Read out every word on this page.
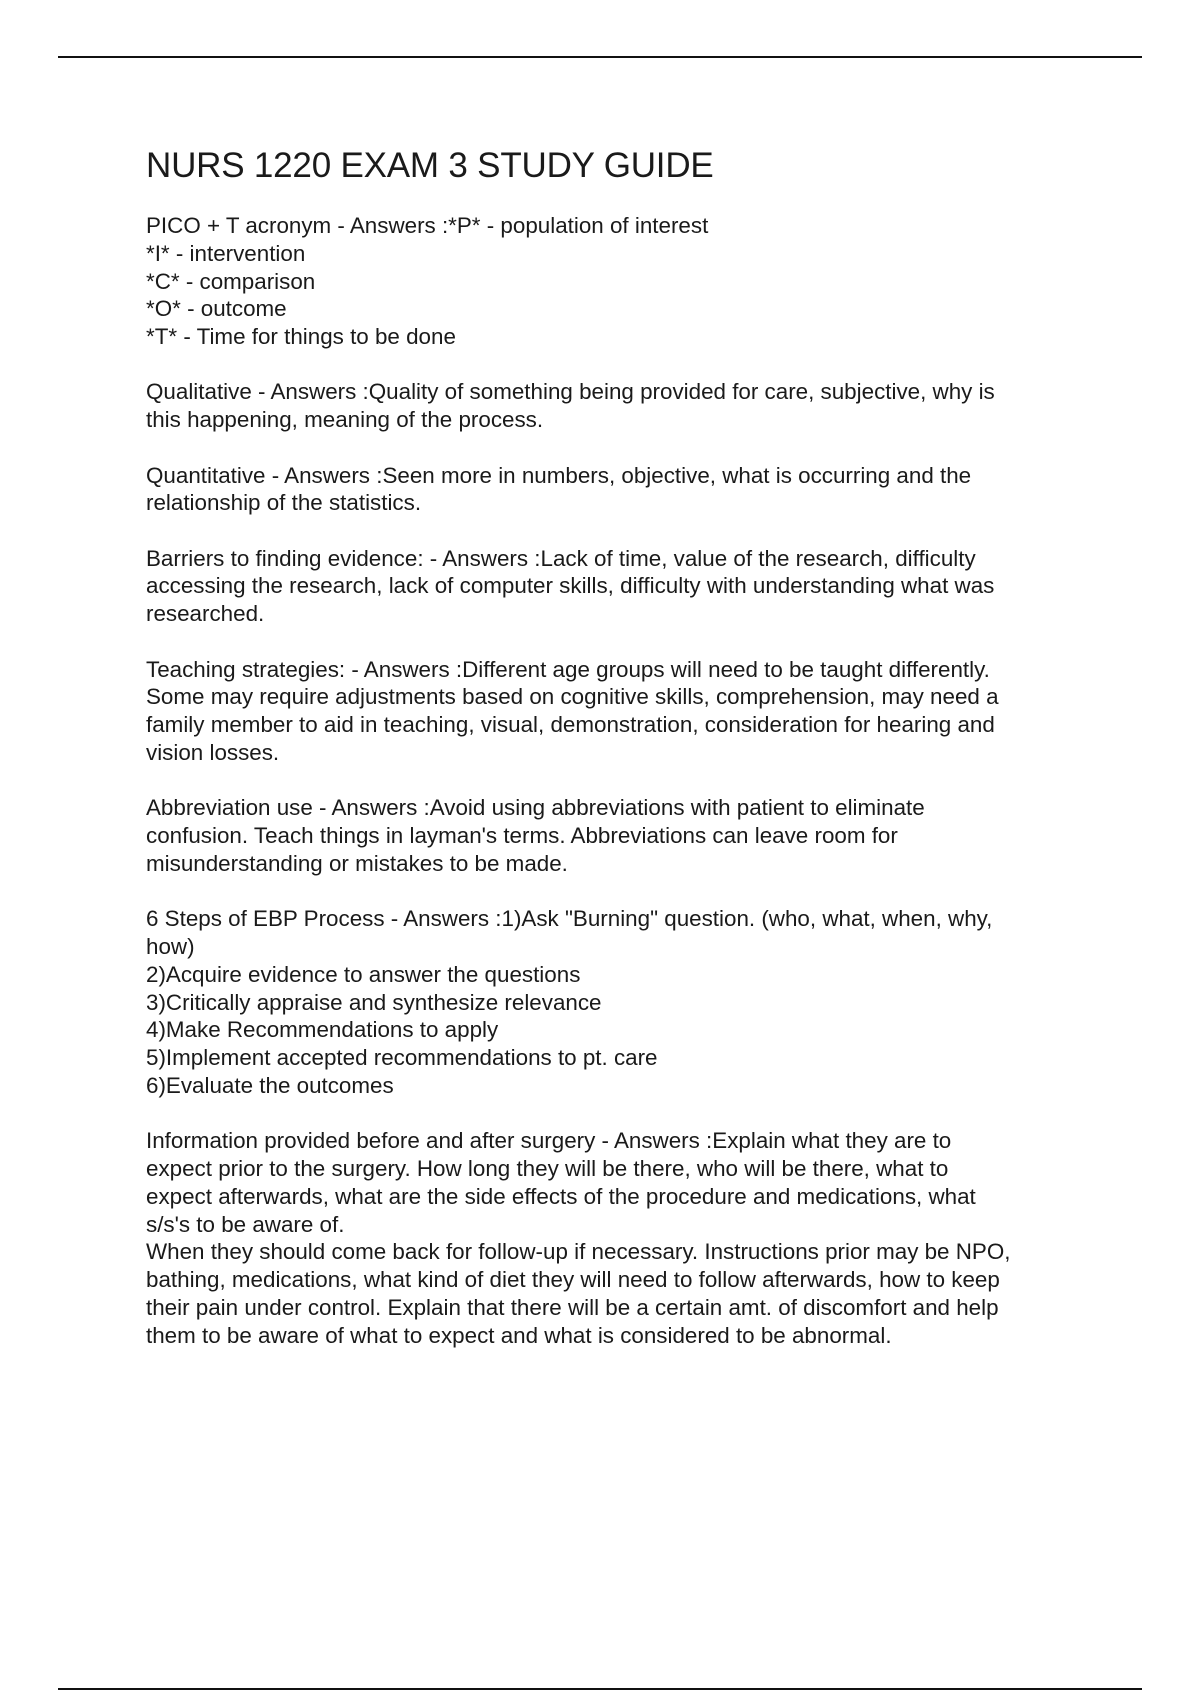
NURS 1220 EXAM 3 STUDY GUIDE
PICO + T acronym - Answers :*P* - population of interest
*I* - intervention
*C* - comparison
*O* - outcome
*T* - Time for things to be done
Qualitative - Answers :Quality of something being provided for care, subjective, why is
this happening, meaning of the process.
Quantitative - Answers :Seen more in numbers, objective, what is occurring and the
relationship of the statistics.
Barriers to finding evidence: - Answers :Lack of time, value of the research, difficulty
accessing the research, lack of computer skills, difficulty with understanding what was
researched.
Teaching strategies: - Answers :Different age groups will need to be taught differently.
Some may require adjustments based on cognitive skills, comprehension, may need a
family member to aid in teaching, visual, demonstration, consideration for hearing and
vision losses.
Abbreviation use - Answers :Avoid using abbreviations with patient to eliminate
confusion. Teach things in layman's terms. Abbreviations can leave room for
misunderstanding or mistakes to be made.
6 Steps of EBP Process - Answers :1)Ask "Burning" question. (who, what, when, why,
how)
2)Acquire evidence to answer the questions
3)Critically appraise and synthesize relevance
4)Make Recommendations to apply
5)Implement accepted recommendations to pt. care
6)Evaluate the outcomes
Information provided before and after surgery - Answers :Explain what they are to
expect prior to the surgery. How long they will be there, who will be there, what to
expect afterwards, what are the side effects of the procedure and medications, what
s/s's to be aware of.
When they should come back for follow-up if necessary. Instructions prior may be NPO,
bathing, medications, what kind of diet they will need to follow afterwards, how to keep
their pain under control. Explain that there will be a certain amt. of discomfort and help
them to be aware of what to expect and what is considered to be abnormal.
